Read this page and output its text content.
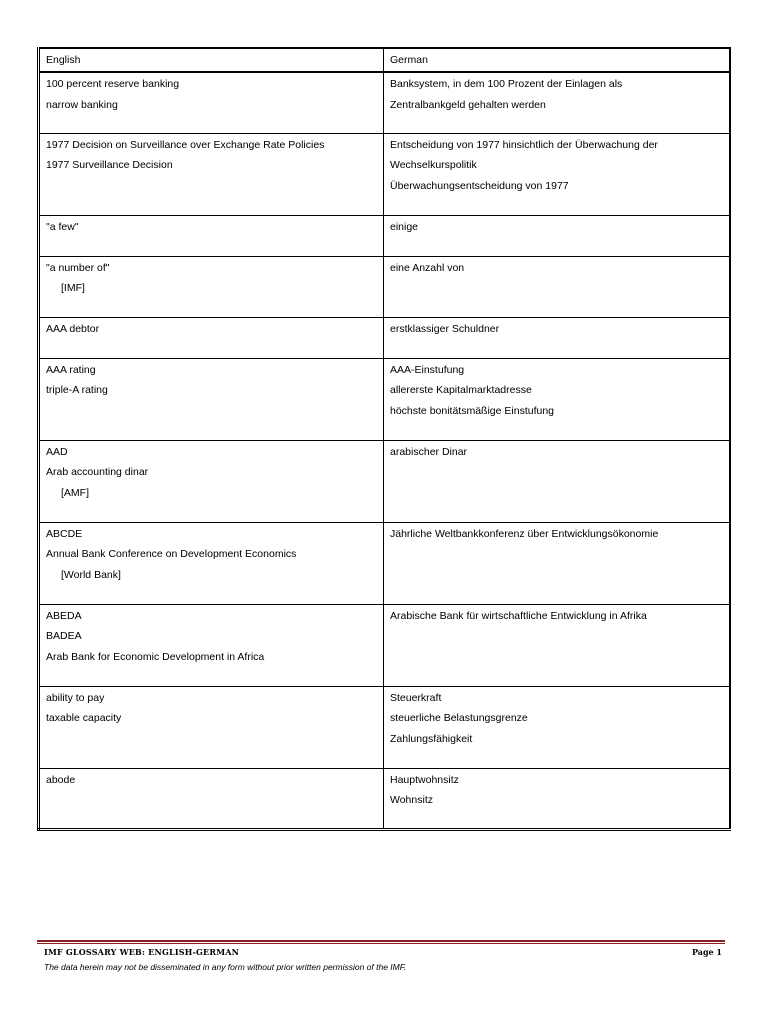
English	German

100 percent reserve banking
narrow banking	Banksystem, in dem 100 Prozent der Einlagen als
Zentralbankgeld gehalten werden

1977 Decision on Surveillance over Exchange Rate Policies
1977 Surveillance Decision	Entscheidung von 1977 hinsichtlich der Überwachung der
Wechselkurspolitik
Überwachungsentscheidung von 1977

"a few"	einige

"a number of"
[IMF]	eine Anzahl von

AAA debtor	erstklassiger Schuldner

AAA rating
triple-A rating	AAA-Einstufung
allererste Kapitalmarktadresse
höchste bonitätsmäßige Einstufung

AAD
Arab accounting dinar
[AMF]	arabischer Dinar

ABCDE
Annual Bank Conference on Development Economics
[World Bank]	Jährliche Weltbankkonferenz über Entwicklungsökonomie

ABEDA
BADEA
Arab Bank for Economic Development in Africa	Arabische Bank für wirtschaftliche Entwicklung in Afrika

ability to pay
taxable capacity	Steuerkraft
steuerliche Belastungsgrenze
Zahlungsfähigkeit

abode	Hauptwohnsitz
Wohnsitz
IMF GLOSSARY WEB: ENGLISH-GERMAN	Page 1
The data herein may not be disseminated in any form without prior written permission of the IMF.
